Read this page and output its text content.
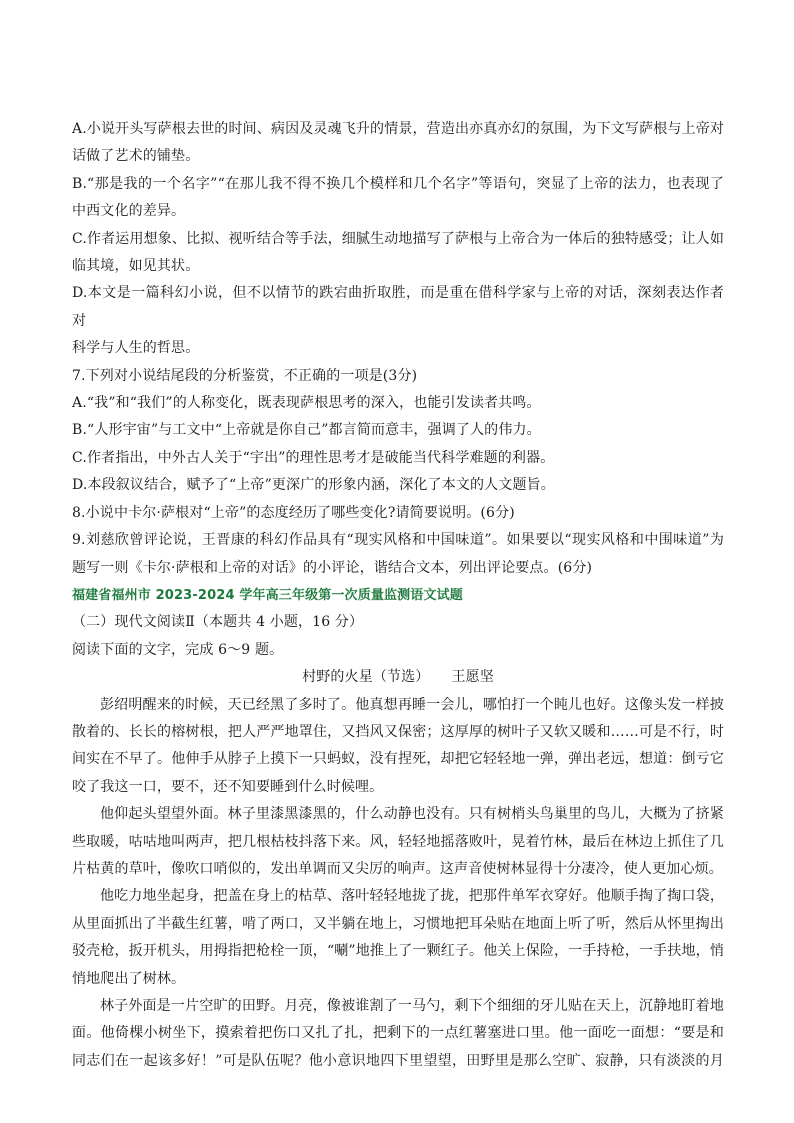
A.小说开头写萨根去世的时间、病因及灵魂飞升的情景，营造出亦真亦幻的氛围，为下文写萨根与上帝对
话做了艺术的铺垫。
B.“那是我的一个名字”“在那儿我不得不换几个模样和几个名字”等语句，突显了上帝的法力，也表现了
中西文化的差异。
C.作者运用想象、比拟、视听结合等手法，细腻生动地描写了萨根与上帝合为一体后的独特感受；让人如
临其境，如见其状。
D.本文是一篇科幻小说，但不以情节的跌宕曲折取胜，而是重在借科学家与上帝的对话，深刻表达作者对
科学与人生的哲思。
7.下列对小说结尾段的分析鉴赏，不正确的一项是(3分)
A.“我”和“我们”的人称变化，既表现萨根思考的深入，也能引发读者共鸣。
B.“人形宇宙”与工文中“上帝就是你自己”都言简而意丰，强调了人的伟力。
C.作者指出，中外古人关于“宇出”的理性思考才是破能当代科学难题的利器。
D.本段叙议结合，赋予了“上帝”更深广的形象内涵，深化了本文的人文题旨。
8.小说中卡尔·萨根对“上帝”的态度经历了哪些变化?请简要说明。(6分)
9.刘慈欣曾评论说，王晋康的科幻作品具有“现实风格和中国味道”。如果要以“现实风格和中围味道”为
题写一则《卡尔·萨根和上帝的对话》的小评论，谐结合文本，列出评论要点。(6分)
福建省福州市 2023-2024 学年高三年级第一次质量监测语文试题
（二）现代文阅读Ⅱ（本题共 4 小题，16 分）
阅读下面的文字，完成 6～9 题。
村野的火星（节选） 王愿坚
彭绍明醒来的时候，天已经黑了多时了。他真想再睡一会儿，哪怕打一个盹儿也好。这像头发一样披
散着的、长长的榕树根，把人严严地罩住，又挡风又保密；这厚厚的树叶子又软又暖和……可是不行，时
间实在不早了。他伸手从脖子上摸下一只蚂蚁，没有捏死，却把它轻轻地一弹，弹出老远，想道：倒亏它
咬了我这一口，要不，还不知要睡到什么时候哩。
他仰起头望望外面。林子里漆黑漆黑的，什么动静也没有。只有树梢头鸟巢里的鸟儿，大概为了挤紧
些取暖，咕咕地叫两声，把几根枯枝抖落下来。风，轻轻地摇落败叶，晃着竹林，最后在林边上抓住了几
片枯黄的草叶，像吹口哨似的，发出单调而又尖厉的响声。这声音使树林显得十分凄冷，使人更加心烦。
他吃力地坐起身，把盖在身上的枯草、落叶轻轻地拢了拢，把那件单军衣穿好。他顺手掏了掏口袋，
从里面抓出了半截生红薯，啃了两口，又半躺在地上，习惯地把耳朵贴在地面上听了听，然后从怀里掏出
驳壳枪，扳开机头，用拇指把枪栓一顶，“唰”地推上了一颗红子。他关上保险，一手持枪，一手扶地，悄
悄地爬出了树林。
林子外面是一片空旷的田野。月亮，像被谁割了一马勺，剩下个细细的牙儿贴在天上，沉静地盯着地
面。他倚棵小树坐下，摸索着把伤口又扎了扎，把剩下的一点红薯塞进口里。他一面吃一面想：“要是和
同志们在一起该多好！”可是队伍呢？他小意识地四下里望望，田野里是那么空旷、寂静，只有淡淡的月
